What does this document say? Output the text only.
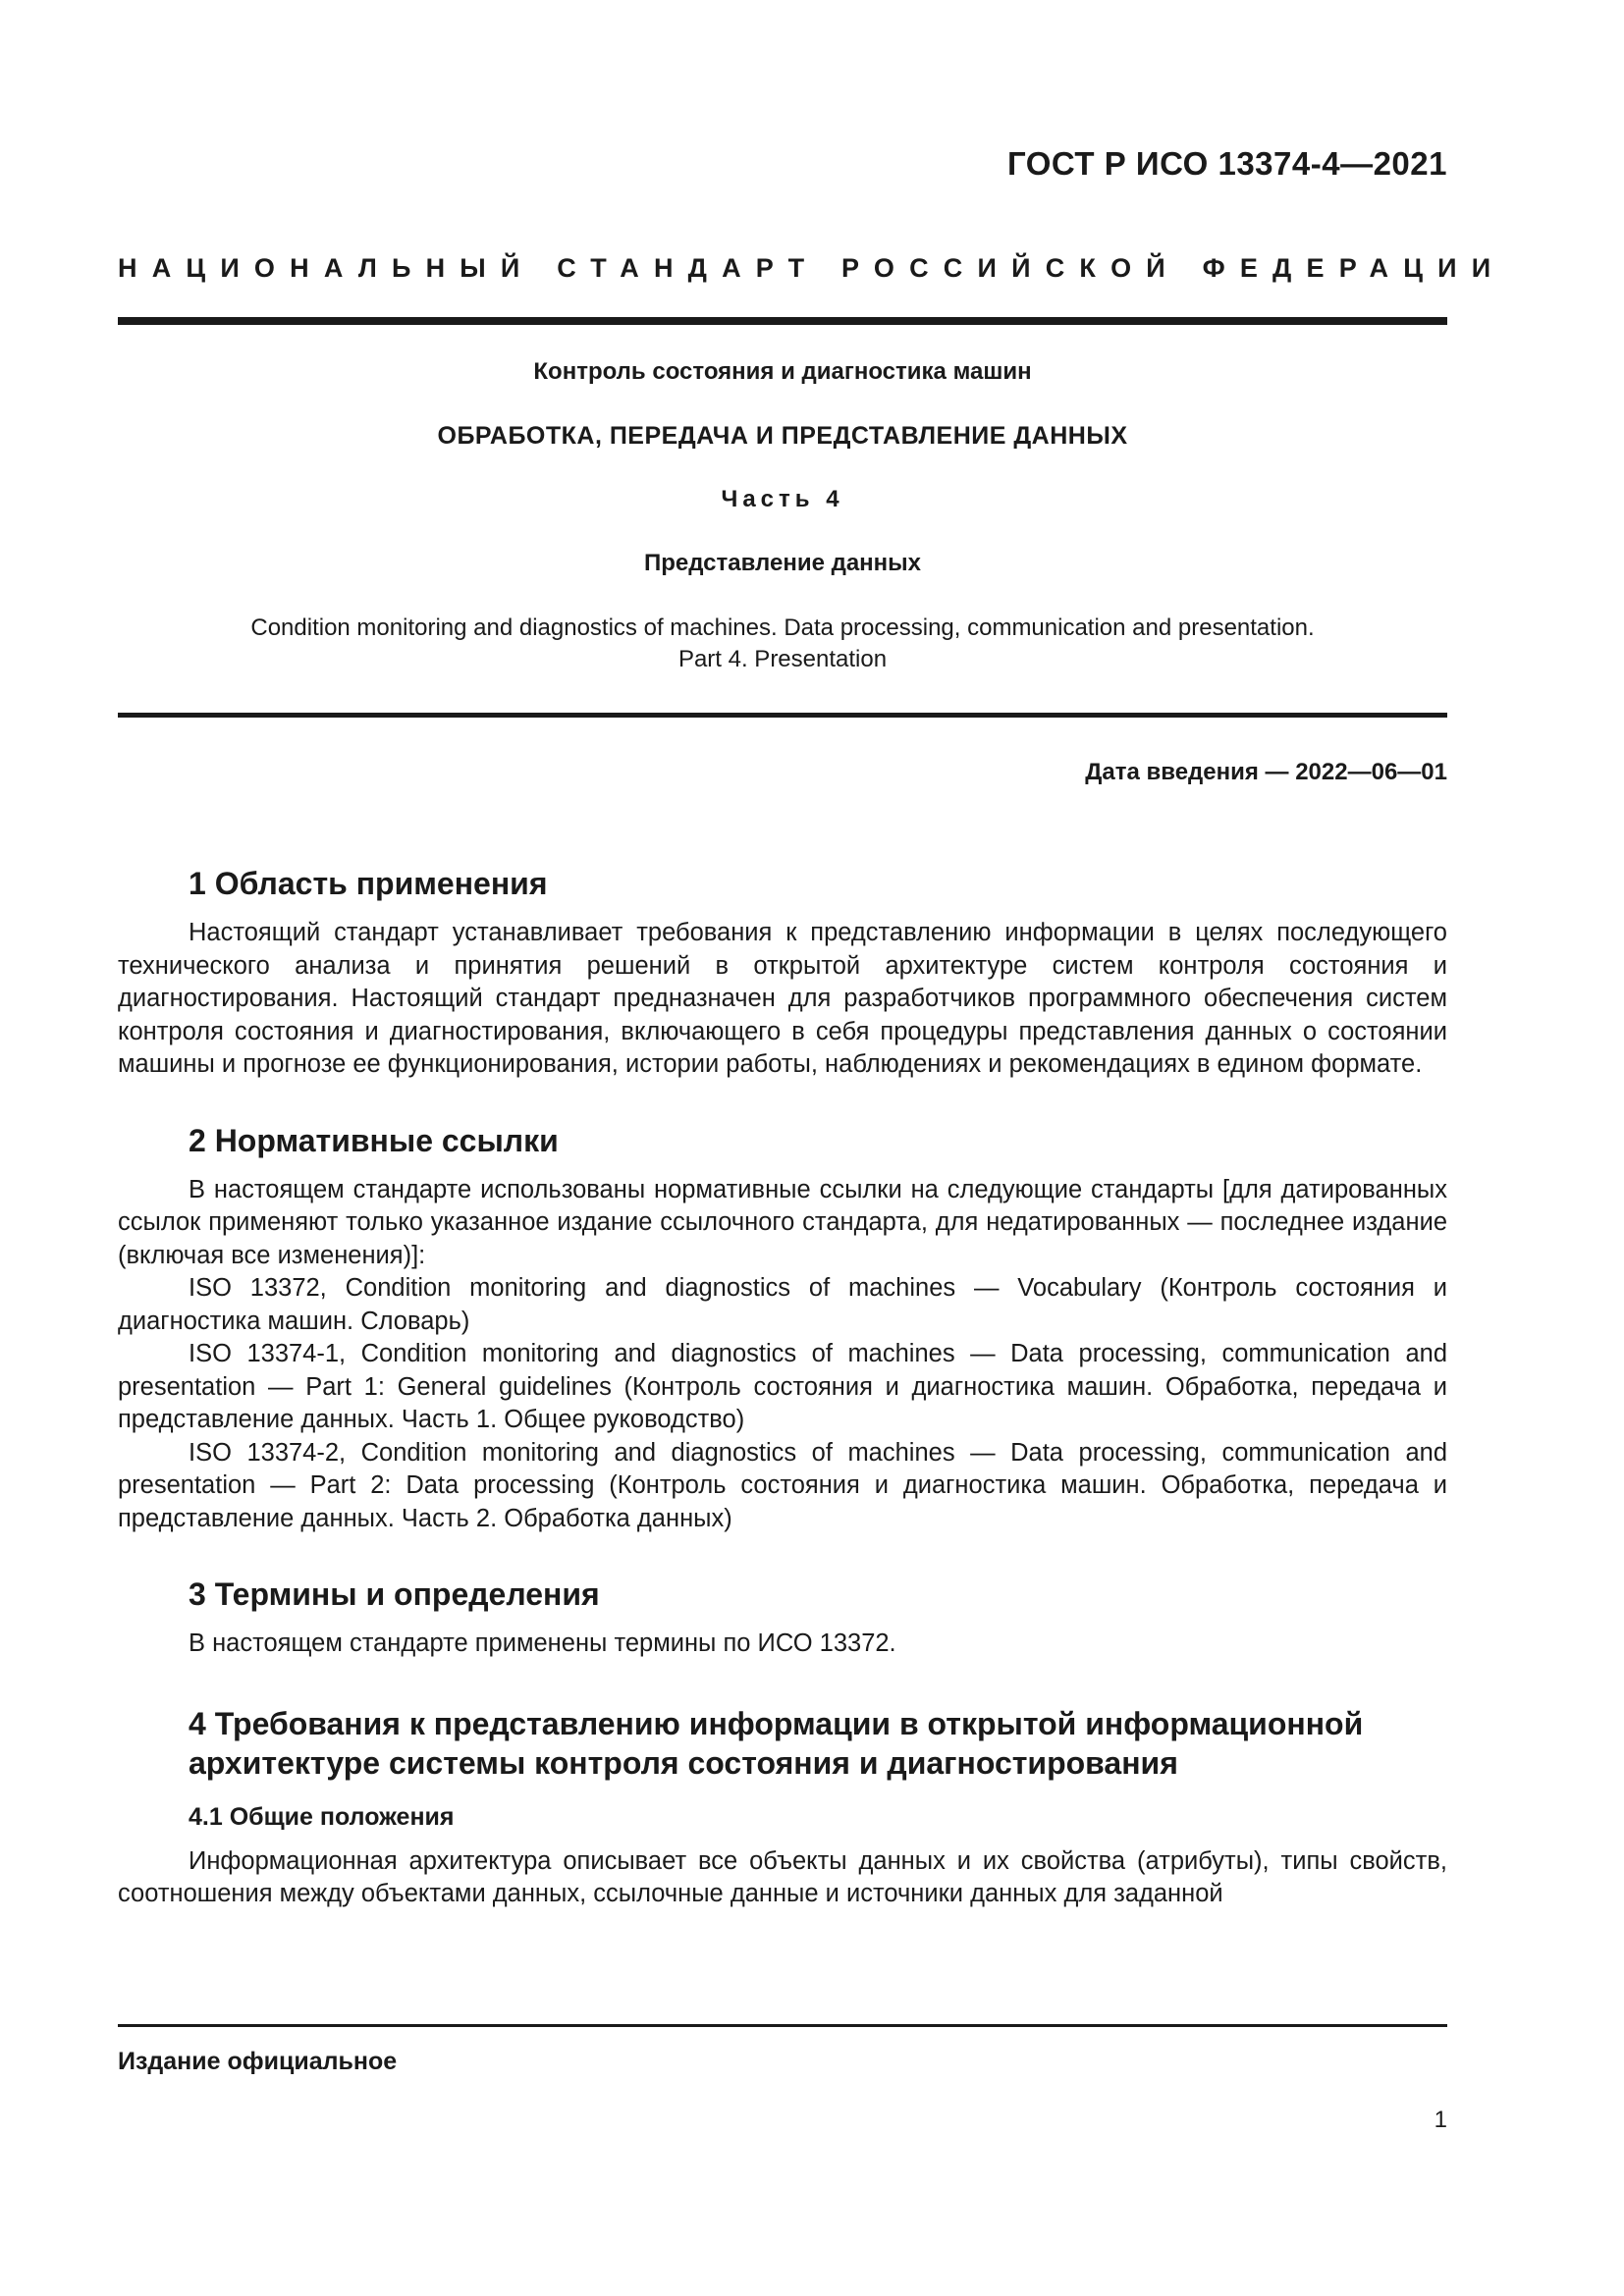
ГОСТ Р ИСО 13374-4—2021
НАЦИОНАЛЬНЫЙ СТАНДАРТ РОССИЙСКОЙ ФЕДЕРАЦИИ
Контроль состояния и диагностика машин
ОБРАБОТКА, ПЕРЕДАЧА И ПРЕДСТАВЛЕНИЕ ДАННЫХ
Часть 4
Представление данных
Condition monitoring and diagnostics of machines. Data processing, communication and presentation.
Part 4. Presentation
Дата введения — 2022—06—01
1 Область применения

Настоящий стандарт устанавливает требования к представлению информации в целях последующего технического анализа и принятия решений в открытой архитектуре систем контроля состояния и диагностирования. Настоящий стандарт предназначен для разработчиков программного обеспечения систем контроля состояния и диагностирования, включающего в себя процедуры представления данных о состоянии машины и прогнозе ее функционирования, истории работы, наблюдениях и рекомендациях в едином формате.

2 Нормативные ссылки

В настоящем стандарте использованы нормативные ссылки на следующие стандарты [для датированных ссылок применяют только указанное издание ссылочного стандарта, для недатированных — последнее издание (включая все изменения)]:

ISO 13372, Condition monitoring and diagnostics of machines — Vocabulary (Контроль состояния и диагностика машин. Словарь)

ISO 13374-1, Condition monitoring and diagnostics of machines — Data processing, communication and presentation — Part 1: General guidelines (Контроль состояния и диагностика машин. Обработка, передача и представление данных. Часть 1. Общее руководство)

ISO 13374-2, Condition monitoring and diagnostics of machines — Data processing, communication and presentation — Part 2: Data processing (Контроль состояния и диагностика машин. Обработка, передача и представление данных. Часть 2. Обработка данных)

3 Термины и определения

В настоящем стандарте применены термины по ИСО 13372.

4 Требования к представлению информации в открытой информационной архитектуре системы контроля состояния и диагностирования
4.1 Общие положения

Информационная архитектура описывает все объекты данных и их свойства (атрибуты), типы свойств, соотношения между объектами данных, ссылочные данные и источники данных для заданной

Издание официальное
1
